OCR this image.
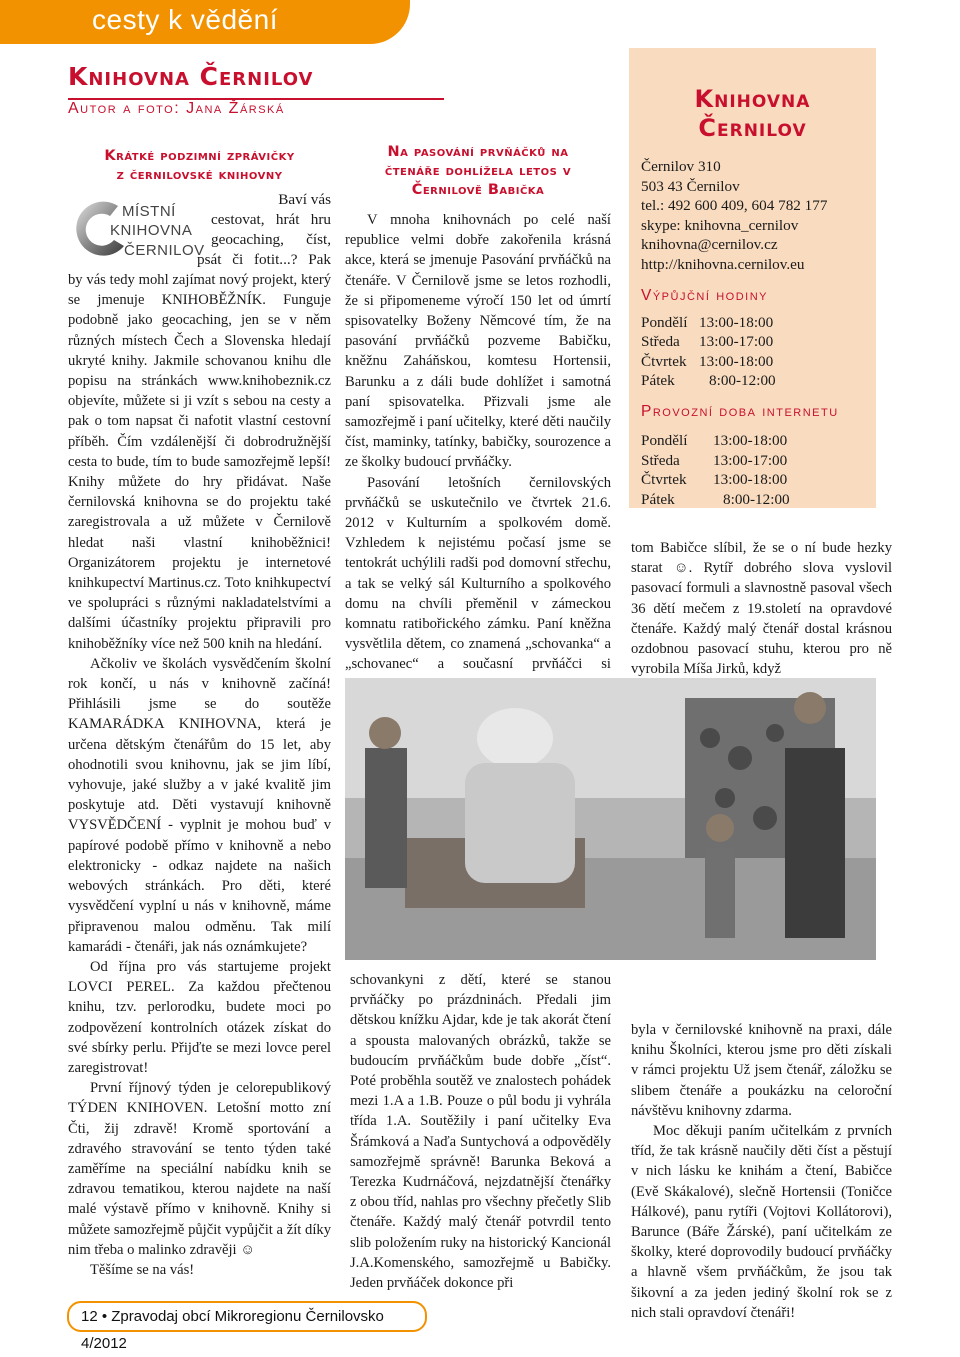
cesty k vědění
Knihovna Černilov
Autor a foto: Jana Žárská
Krátké podzimní zprávičky
z černilovské knihovny
MÍSTNÍ
KNIHOVNA
ČERNILOV
Baví vás
cestovat, hrát hru
geocaching, číst,
psát či fotit...? Pak

by vás tedy mohl zajímat nový projekt, který se jmenuje KNIHOBĚŽNÍK. Funguje podobně jako geocaching, jen se v něm různých místech Čech a Slovenska hledají ukryté knihy. Jakmile schovanou knihu dle popisu na stránkách www.knihobeznik.cz objevíte, můžete si ji vzít s sebou na cesty a pak o tom napsat či nafotit vlastní cestovní příběh. Čím vzdálenější či dobrodružnější cesta to bude, tím to bude samozřejmě lepší! Knihy můžete do hry přidávat. Naše černilovská knihovna se do projektu také zaregistrovala a už můžete v Černilově hledat naši vlastní knihoběžnici! Organizátorem projektu je internetové knihkupectví Martinus.cz. Toto knihkupectví ve spolupráci s různými nakladatelstvími a dalšími účastníky projektu připravili pro knihoběžníky více než 500 knih na hledání.

Ačkoliv ve školách vysvědčením školní rok končí, u nás v knihovně začíná! Přihlásili jsme se do soutěže KAMARÁDKA KNIHOVNA, která je určena dětským čtenářům do 15 let, aby ohodnotili svou knihovnu, jak se jim líbí, vyhovuje, jaké služby a v jaké kvalitě jim poskytuje atd. Děti vystavují knihovně VYSVĚDČENÍ - vyplnit je mohou buď v papírové podobě přímo v knihovně a nebo elektronicky - odkaz najdete na našich webových stránkách. Pro děti, které vysvědčení vyplní u nás v knihovně, máme připravenou malou odměnu. Tak milí kamarádi - čtenáři, jak nás oznámkujete?

Od října pro vás startujeme projekt LOVCI PEREL. Za každou přečtenou knihu, tzv. perlorodku, budete moci po zodpovězení kontrolních otázek získat do své sbírky perlu. Přijďte se mezi lovce perel zaregistrovat!

První říjnový týden je celorepublikový TÝDEN KNIHOVEN. Letošní motto zní Čti, žij zdravě! Kromě sportování a zdravého stravování se tento týden také zaměříme na speciální nabídku knih se zdravou tematikou, kterou najdete na naší malé výstavě přímo v knihovně. Knihy si můžete samozřejmě půjčit vypůjčit a žít díky nim třeba o malinko zdravěji ☺

Těšíme se na vás!

Na pasování prvňáčků na
čtenáře dohlížela letos v
Černilově Babička

V mnoha knihovnách po celé naší republice velmi dobře zakořenila krásná akce, která se jmenuje Pasování prvňáčků na čtenáře. V Černilově jsme se letos rozhodli, že si připomeneme výročí 150 let od úmrtí spisovatelky Boženy Němcové tím, že na pasování prvňáčků pozveme Babičku, kněžnu Zaháňskou, komtesu Hortensii, Barunku a z dáli bude dohlížet i samotná paní spisovatelka. Přizvali jsme ale samozřejmě i paní učitelky, které děti naučily číst, maminky, tatínky, babičky, sourozence a ze školky budoucí prvňáčky.

Pasování letošních černilovských prvňáčků se uskutečnilo ve čtvrtek 21.6. 2012 v Kulturním a spolkovém domě. Vzhledem k nejistému počasí jsme se tentokrát uchýlili radši pod domovní střechu, a tak se velký sál Kulturního a spolkového domu na chvíli přeměnil v zámeckou komnatu ratibořického zámku. Paní kněžna vysvětlila dětem, co znamená „schovanka“ a „schovanec“ a současní prvňáčci si

Knihovna
Černilov
Černilov 310
503 43 Černilov
tel.: 492 600 409, 604 782 177
skype: knihovna_cernilov
knihovna@cernilov.cz
http://knihovna.cernilov.eu
Výpůjční hodiny
Pondělí 13:00-18:00
Středa	13:00-17:00
Čtvrtek 13:00-18:00
Pátek	8:00-12:00
Provozní doba internetu
Pondělí	13:00-18:00
Středa	13:00-17:00
Čtvrtek	13:00-18:00
Pátek	8:00-12:00

tom Babičce slíbil, že se o ní bude hezky starat ☺. Rytíř dobrého slova vyslovil pasovací formuli a slavnostně pasoval všech 36 dětí mečem z 19.století na opravdové čtenáře. Každý malý čtenář dostal krásnou ozdobnou pasovací stuhu, kterou pro ně vyrobila Míša Jirků, když

schovankyni z dětí, které se stanou prvňáčky po prázdninách. Předali jim dětskou knížku Ajdar, kde je tak akorát čtení a spousta malovaných obrázků, takže se budoucím prvňáčkům bude dobře „číst“. Poté proběhla soutěž ve znalostech pohádek mezi 1.A a 1.B. Pouze o půl bodu ji vyhrála třída 1.A. Soutěžily i paní učitelky Eva Šrámková a Naďa Suntychová a odpověděly samozřejmě správně! Barunka Beková a Terezka Kudrnáčová, nejzdatnější čtenářky z obou tříd, nahlas pro všechny přečetly Slib čtenáře. Každý malý čtenář potvrdil tento slib položením ruky na historický Kancionál J.A.Komenského, samozřejmě u Babičky. Jeden prvňáček dokonce při

byla v černilovské knihovně na praxi, dále knihu Školníci, kterou jsme pro děti získali v rámci projektu Už jsem čtenář, záložku se slibem čtenáře a poukázku na celoroční návštěvu knihovny zdarma.

Moc děkuji paním učitelkám z prvních tříd, že tak krásně naučily děti číst a pěstují v nich lásku ke knihám a čtení, Babičce (Evě Skákalové), slečně Hortensii (Toničce Hálkové), panu rytíři (Vojtovi Kollátorovi), Barunce (Báře Žárské), paní učitelkám ze školky, které doprovodily budoucí prvňáčky a hlavně všem prvňáčkům, že jsou tak šikovní a za jeden jediný školní rok se z nich stali opravdoví čtenáři!

12 • Zpravodaj obcí Mikroregionu Černilovsko 4/2012
